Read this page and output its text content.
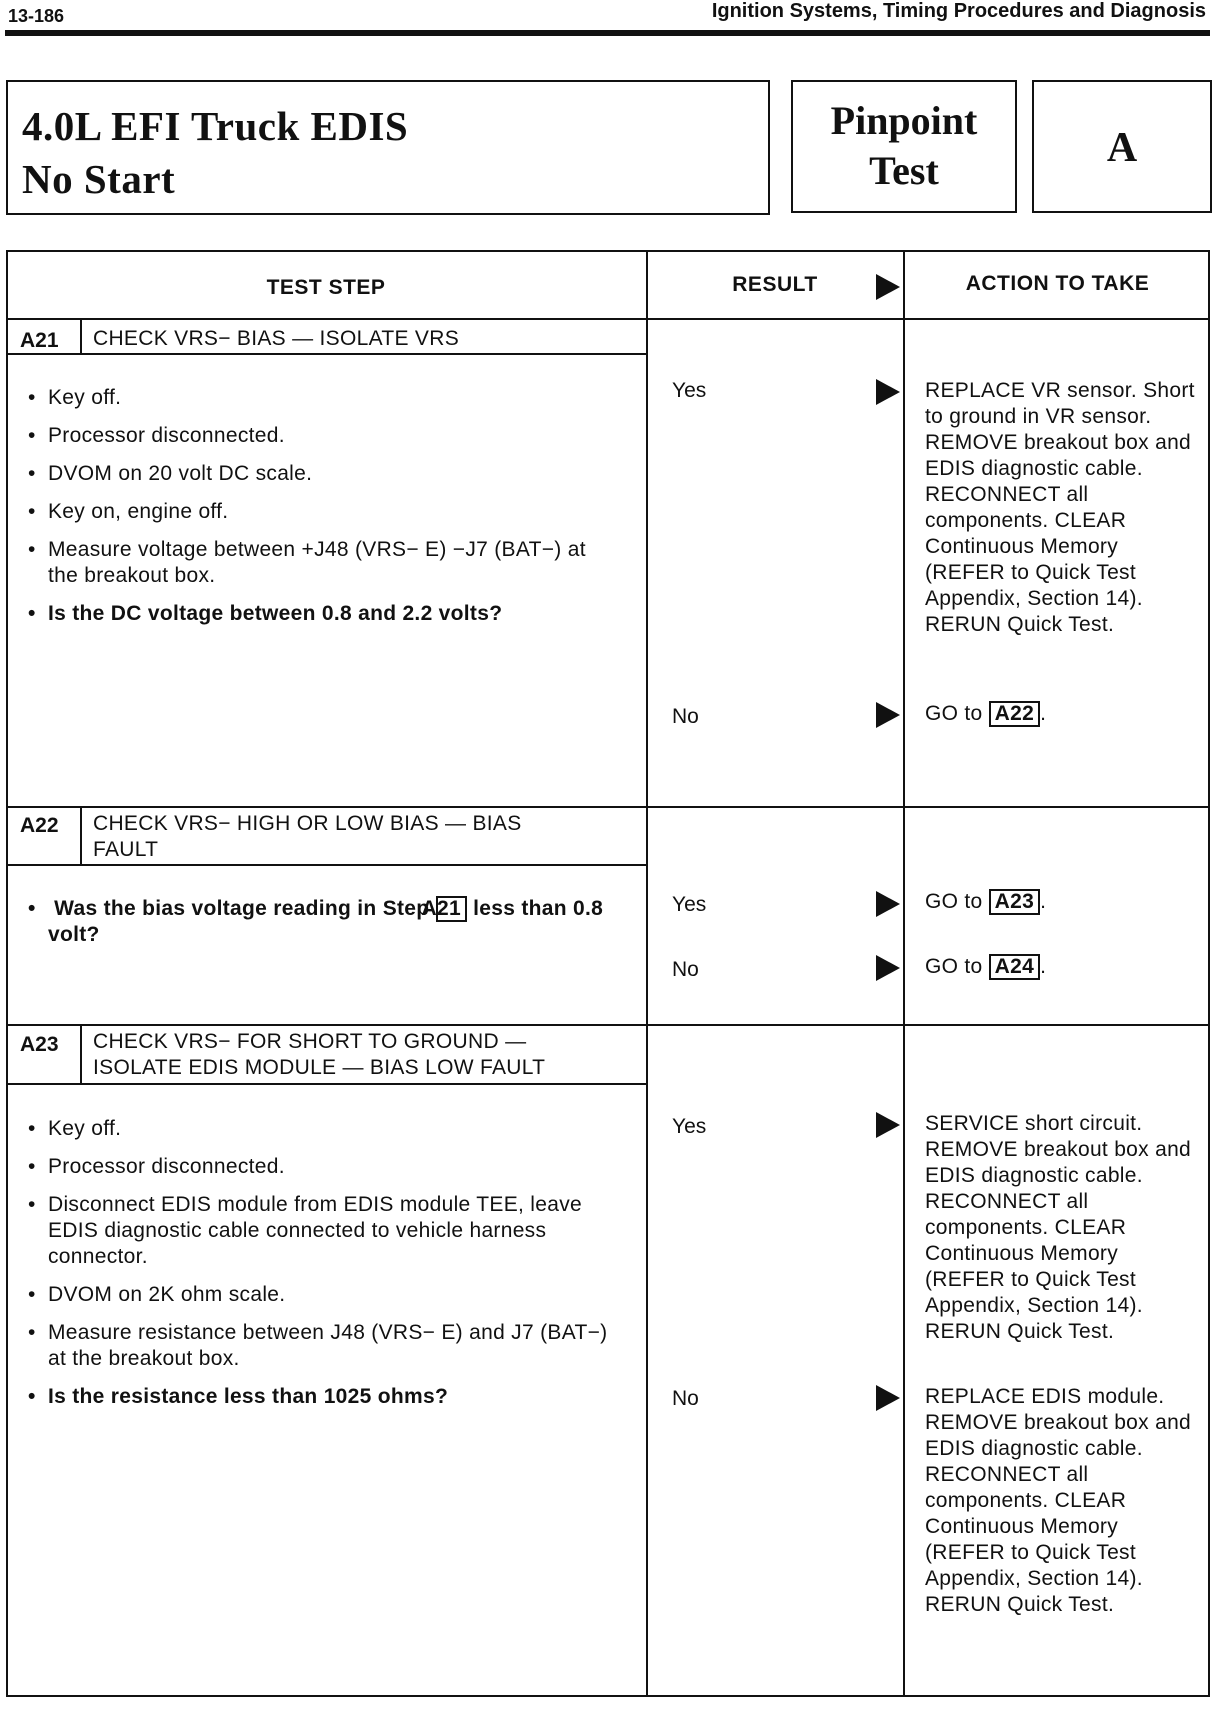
13-186	Ignition Systems, Timing Procedures and Diagnosis
4.0L EFI Truck EDIS
No Start
Pinpoint
Test	A
TEST STEP	RESULT	ACTION TO TAKE
A21 CHECK VRS− BIAS — ISOLATE VRS
• Key off.
• Processor disconnected.
• DVOM on 20 volt DC scale.
• Key on, engine off.
• Measure voltage between +J48 (VRS− E) −J7 (BAT−) at the breakout box.
• Is the DC voltage between 0.8 and 2.2 volts?
Yes	REPLACE VR sensor. Short to ground in VR sensor. REMOVE breakout box and EDIS diagnostic cable. RECONNECT all components. CLEAR Continuous Memory (REFER to Quick Test Appendix, Section 14). RERUN Quick Test.
No	GO to A22 .
A22 CHECK VRS− HIGH OR LOW BIAS — BIAS
FAULT
• Was the bias voltage reading in Step A21 less than 0.8 volt?
Yes	GO to A23 .
No	GO to A24 .
A23 CHECK VRS− FOR SHORT TO GROUND —
ISOLATE EDIS MODULE — BIAS LOW FAULT
• Key off.
• Processor disconnected.
• Disconnect EDIS module from EDIS module TEE, leave EDIS diagnostic cable connected to vehicle harness connector.
• DVOM on 2K ohm scale.
• Measure resistance between J48 (VRS− E) and J7 (BAT−) at the breakout box.
• Is the resistance less than 1025 ohms?
Yes	SERVICE short circuit. REMOVE breakout box and EDIS diagnostic cable. RECONNECT all components. CLEAR Continuous Memory (REFER to Quick Test Appendix, Section 14). RERUN Quick Test.
No	REPLACE EDIS module. REMOVE breakout box and EDIS diagnostic cable. RECONNECT all components. CLEAR Continuous Memory (REFER to Quick Test Appendix, Section 14). RERUN Quick Test.
